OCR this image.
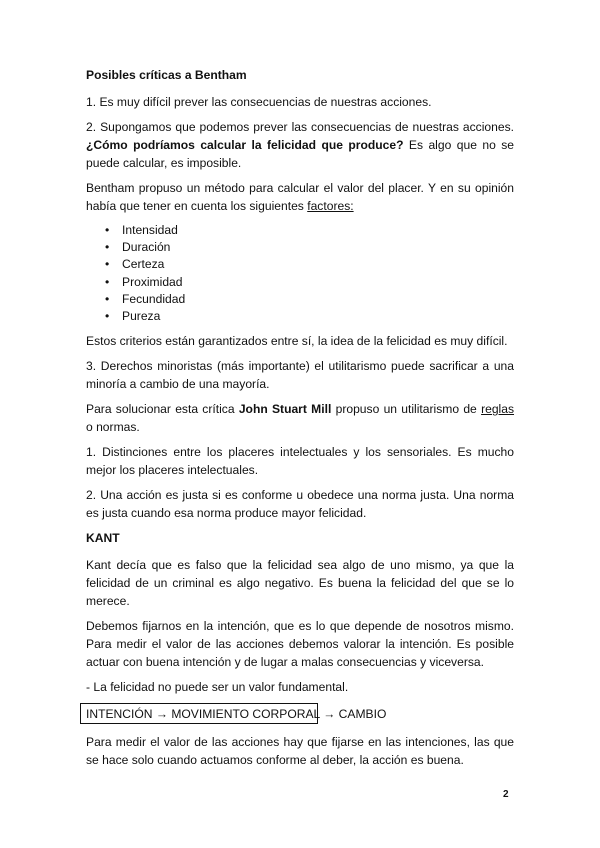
Posibles críticas a Bentham

1. Es muy difícil prever las consecuencias de nuestras acciones.

2. Supongamos que podemos prever las consecuencias de nuestras acciones. ¿Cómo podríamos calcular la felicidad que produce? Es algo que no se puede calcular, es imposible.

Bentham propuso un método para calcular el valor del placer. Y en su opinión había que tener en cuenta los siguientes factores:

• Intensidad
• Duración
• Certeza
• Proximidad
• Fecundidad
• Pureza

Estos criterios están garantizados entre sí, la idea de la felicidad es muy difícil.

3. Derechos minoristas (más importante) el utilitarismo puede sacrificar a una minoría a cambio de una mayoría.

Para solucionar esta crítica John Stuart Mill propuso un utilitarismo de reglas o normas.

1. Distinciones entre los placeres intelectuales y los sensoriales. Es mucho mejor los placeres intelectuales.

2. Una acción es justa si es conforme u obedece una norma justa. Una norma es justa cuando esa norma produce mayor felicidad.

KANT

Kant decía que es falso que la felicidad sea algo de uno mismo, ya que la felicidad de un criminal es algo negativo. Es buena la felicidad del que se lo merece.

Debemos fijarnos en la intención, que es lo que depende de nosotros mismo. Para medir el valor de las acciones debemos valorar la intención. Es posible actuar con buena intención y de lugar a malas consecuencias y viceversa.

- La felicidad no puede ser un valor fundamental.

INTENCIÓN → MOVIMIENTO CORPORAL → CAMBIO

Para medir el valor de las acciones hay que fijarse en las intenciones, las que se hace solo cuando actuamos conforme al deber, la acción es buena.

2
